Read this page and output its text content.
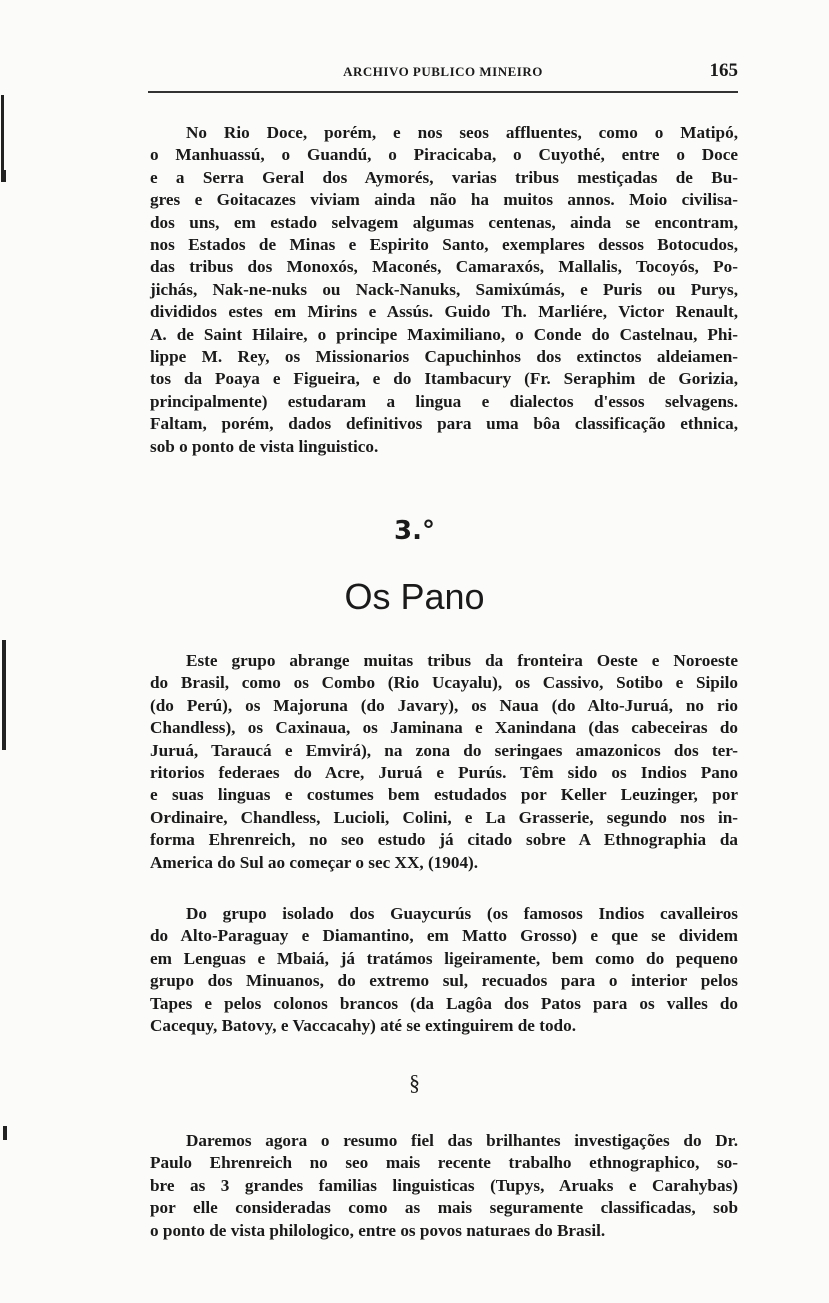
ARCHIVO PUBLICO MINEIRO	165
No Rio Doce, porém, e nos seos affluentes, como o Matipó,
o Manhuassú, o Guandú, o Piracicaba, o Cuyothé, entre o Doce
e a Serra Geral dos Aymorés, varias tribus mestiçadas de Bu-
gres e Goitacazes viviam ainda não ha muitos annos. Moio civilisa-
dos uns, em estado selvagem algumas centenas, ainda se encontram,
nos Estados de Minas e Espirito Santo, exemplares dessos Botocudos,
das tribus dos Monoxós, Maconés, Camaraxós, Mallalis, Tocoyós, Po-
jichás, Nak-ne-nuks ou Nack-Nanuks, Samixúmás, e Puris ou Purys,
divididos estes em Mirins e Assús. Guido Th. Marliére, Victor Renault,
A. de Saint Hilaire, o principe Maximiliano, o Conde do Castelnau, Phi-
lippe M. Rey, os Missionarios Capuchinhos dos extinctos aldeiamen-
tos da Poaya e Figueira, e do Itambacury (Fr. Seraphim de Gorizia,
principalmente) estudaram a lingua e dialectos d'essos selvagens.
Faltam, porém, dados definitivos para uma bôa classificação ethnica,
sob o ponto de vista linguistico.
3.°
Os Pano
Este grupo abrange muitas tribus da fronteira Oeste e Noroeste
do Brasil, como os Combo (Rio Ucayalu), os Cassivo, Sotibo e Sipilo
(do Perú), os Majoruna (do Javary), os Naua (do Alto-Juruá, no rio
Chandless), os Caxinaua, os Jaminana e Xanindana (das cabeceiras do
Juruá, Taraucá e Emvirá), na zona do seringaes amazonicos dos ter-
ritorios federaes do Acre, Juruá e Purús. Têm sido os Indios Pano
e suas linguas e costumes bem estudados por Keller Leuzinger, por
Ordinaire, Chandless, Lucioli, Colini, e La Grasserie, segundo nos in-
forma Ehrenreich, no seo estudo já citado sobre A Ethnographia da
America do Sul ao começar o sec XX, (1904).
Do grupo isolado dos Guaycurús (os famosos Indios cavalleiros
do Alto-Paraguay e Diamantino, em Matto Grosso) e que se dividem
em Lenguas e Mbaiá, já tratámos ligeiramente, bem como do pequeno
grupo dos Minuanos, do extremo sul, recuados para o interior pelos
Tapes e pelos colonos brancos (da Lagôa dos Patos para os valles do
Cacequy, Batovy, e Vaccacahy) até se extinguirem de todo.
§
Daremos agora o resumo fiel das brilhantes investigações do Dr.
Paulo Ehrenreich no seo mais recente trabalho ethnographico, so-
bre as 3 grandes familias linguisticas (Tupys, Aruaks e Carahybas)
por elle consideradas como as mais seguramente classificadas, sob
o ponto de vista philologico, entre os povos naturaes do Brasil.
